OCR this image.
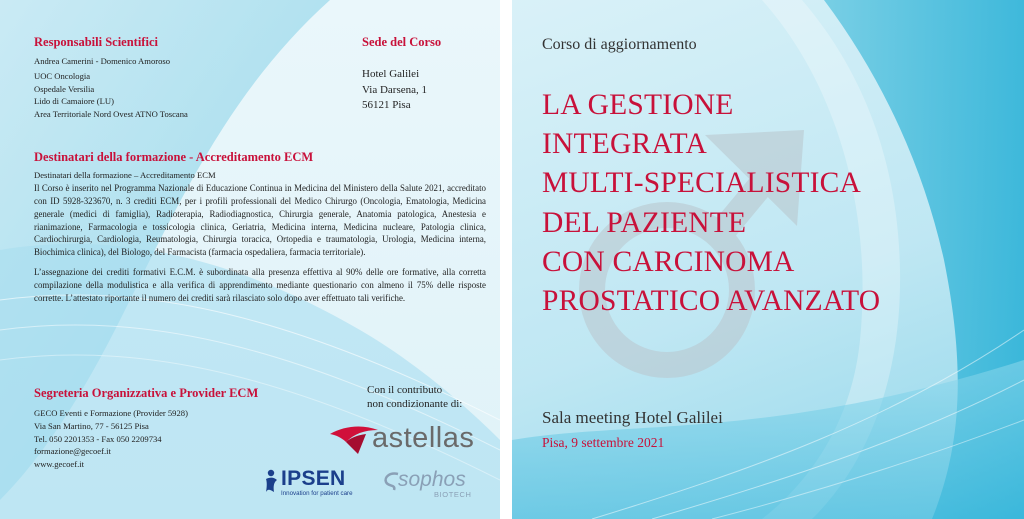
Responsabili Scientifici
Andrea Camerini - Domenico Amoroso
UOC Oncologia
Ospedale Versilia
Lido di Camaiore (LU)
Area Territoriale Nord Ovest ATNO Toscana
Sede del Corso
Hotel Galilei
Via Darsena, 1
56121 Pisa
Destinatari della formazione - Accreditamento ECM
Destinatari della formazione – Accreditamento ECM
Il Corso è inserito nel Programma Nazionale di Educazione Continua in Medicina del Ministero della Salute 2021, accreditato con ID 5928-323670, n. 3 crediti ECM, per i profili professionali del Medico Chirurgo (Oncologia, Ematologia, Medicina generale (medici di famiglia), Radioterapia, Radiodiagnostica, Chirurgia generale, Anatomia patologica, Anestesia e rianimazione, Farmacologia e tossicologia clinica, Geriatria, Medicina interna, Medicina nucleare, Patologia clinica, Cardiochirurgia, Cardiologia, Reumatologia, Chirurgia toracica, Ortopedia e traumatologia, Urologia, Medicina interna, Biochimica clinica), del Biologo, del Farmacista (farmacia ospedaliera, farmacia territoriale).
L’assegnazione dei crediti formativi E.C.M. è subordinata alla presenza effettiva al 90% delle ore formative, alla corretta compilazione della modulistica e alla verifica di apprendimento mediante questionario con almeno il 75% delle risposte corrette. L’attestato riportante il numero dei crediti sarà rilasciato solo dopo aver effettuato tali verifiche.
Segreteria Organizzativa e Provider ECM
GECO Eventi e Formazione (Provider 5928)
Via San Martino, 77 - 56125 Pisa
Tel. 050 2201353 - Fax 050 2209734
formazione@gecoef.it
www.gecoef.it
Con il contributo
non condizionante di:
astellas
IPSEN
Innovation for patient care
sophos
BIOTECH
Corso di aggiornamento
LA GESTIONE
INTEGRATA
MULTI-SPECIALISTICA
DEL PAZIENTE
CON CARCINOMA
PROSTATICO AVANZATO
Sala meeting Hotel Galilei
Pisa, 9 settembre 2021
